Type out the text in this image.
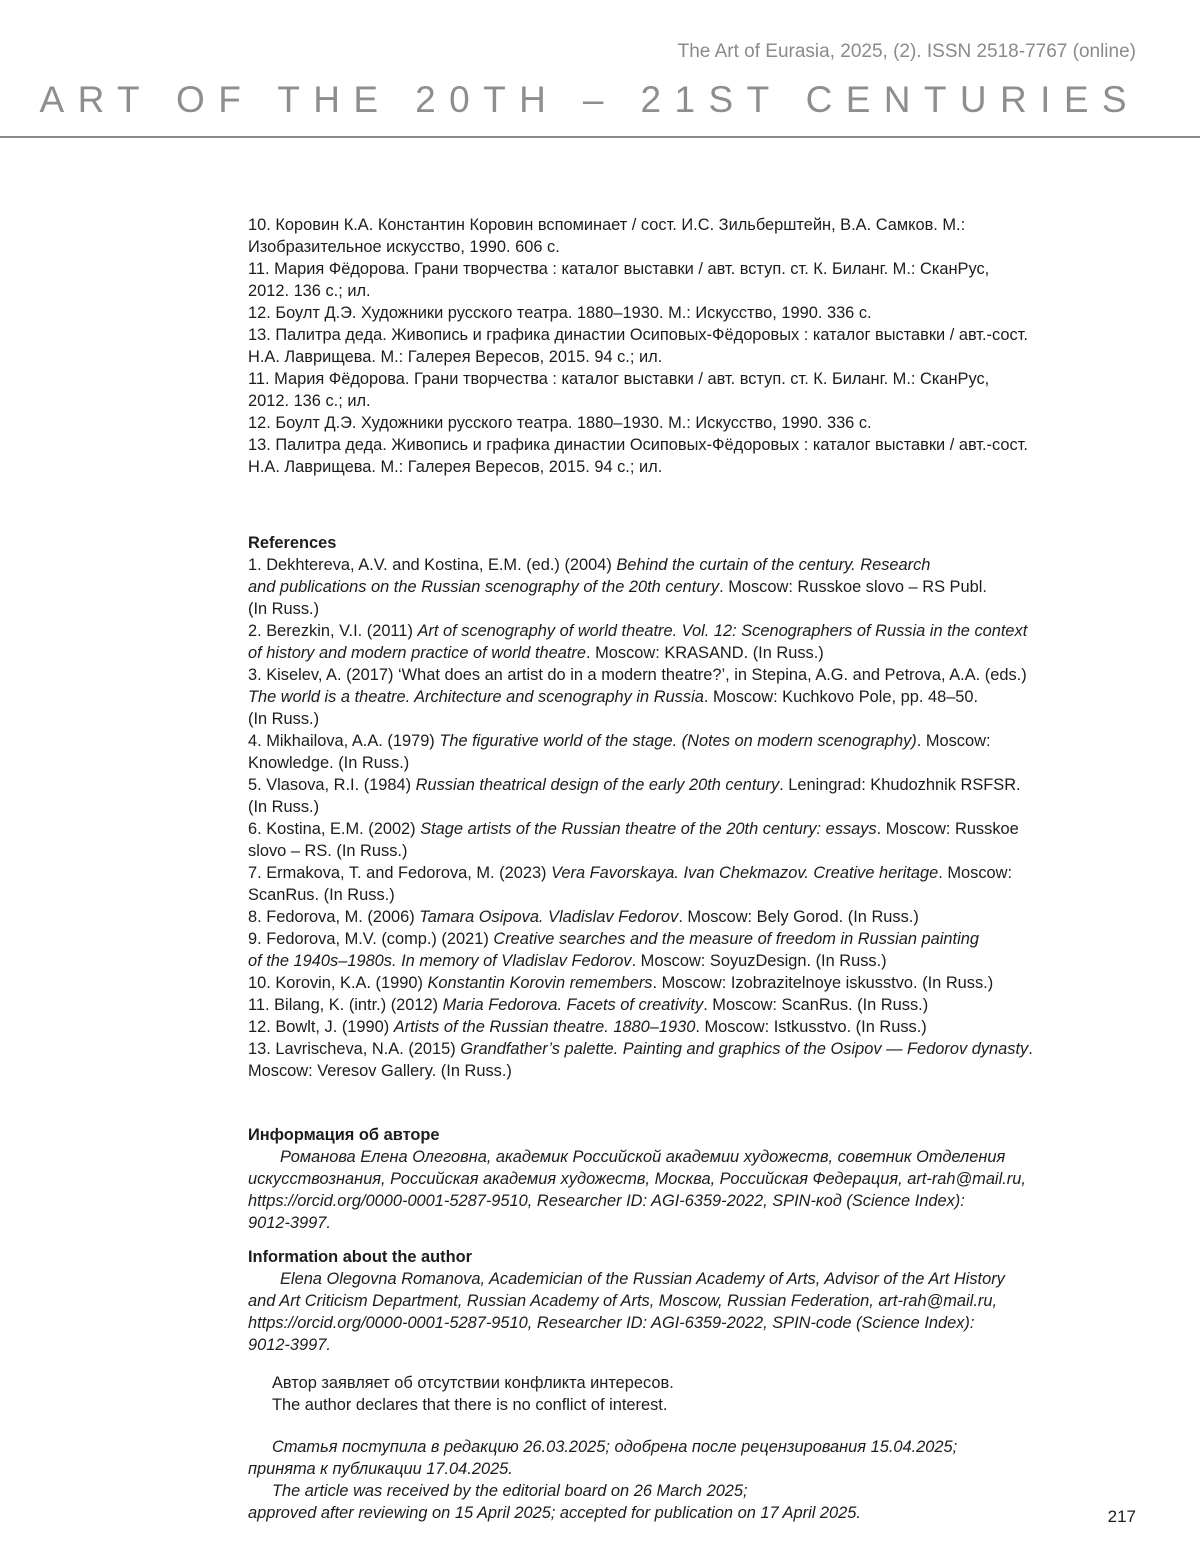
The Art of Eurasia, 2025, (2). ISSN 2518-7767 (online)
ART OF THE 20TH – 21ST CENTURIES

10. Коровин К.А. Константин Коровин вспоминает / сост. И.С. Зильберштейн, В.А. Самков. М.:

Изобразительное искусство, 1990. 606 с.

11. Мария Фёдорова. Грани творчества : каталог выставки / авт. вступ. ст. К. Биланг. М.: СканРус,

2012. 136 с.; ил.

12. Боулт Д.Э. Художники русского театра. 1880–1930. М.: Искусство, 1990. 336 с.

13. Палитра деда. Живопись и графика династии Осиповых-Фёдоровых : каталог выставки / авт.-сост.

Н.А. Лаврищева. М.: Галерея Вересов, 2015. 94 с.; ил.

11. Мария Фёдорова. Грани творчества : каталог выставки / авт. вступ. ст. К. Биланг. М.: СканРус,

2012. 136 с.; ил.

12. Боулт Д.Э. Художники русского театра. 1880–1930. М.: Искусство, 1990. 336 с.

13. Палитра деда. Живопись и графика династии Осиповых-Фёдоровых : каталог выставки / авт.-сост.

Н.А. Лаврищева. М.: Галерея Вересов, 2015. 94 с.; ил.

References

1. Dekhtereva, A.V. and Kostina, E.M. (ed.) (2004) Behind the curtain of the century. Research

and publications on the Russian scenography of the 20th century. Moscow: Russkoe slovo – RS Publ.

(In Russ.)

2. Berezkin, V.I. (2011) Art of scenography of world theatre. Vol. 12: Scenographers of Russia in the context

of history and modern practice of world theatre. Moscow: KRASAND. (In Russ.)

3. Kiselev, A. (2017) ‘What does an artist do in a modern theatre?’, in Stepina, A.G. and Petrova, A.A. (eds.)

The world is a theatre. Architecture and scenography in Russia. Moscow: Kuchkovo Pole, pp. 48–50.

(In Russ.)

4. Mikhailova, A.A. (1979) The figurative world of the stage. (Notes on modern scenography). Moscow:

Knowledge. (In Russ.)

5. Vlasova, R.I. (1984) Russian theatrical design of the early 20th century. Leningrad: Khudozhnik RSFSR.

(In Russ.)

6. Kostina, E.M. (2002) Stage artists of the Russian theatre of the 20th century: essays. Moscow: Russkoe

slovo – RS. (In Russ.)

7. Ermakova, T. and Fedorova, M. (2023) Vera Favorskaya. Ivan Chekmazov. Creative heritage. Moscow:

ScanRus. (In Russ.)

8. Fedorova, M. (2006) Tamara Osipova. Vladislav Fedorov. Moscow: Bely Gorod. (In Russ.)

9. Fedorova, M.V. (comp.) (2021) Creative searches and the measure of freedom in Russian painting

of the 1940s–1980s. In memory of Vladislav Fedorov. Moscow: SoyuzDesign. (In Russ.)

10. Korovin, K.A. (1990) Konstantin Korovin remembers. Moscow: Izobrazitelnoye iskusstvo. (In Russ.)

11. Bilang, K. (intr.) (2012) Maria Fedorova. Facets of creativity. Moscow: ScanRus. (In Russ.)

12. Bowlt, J. (1990) Artists of the Russian theatre. 1880–1930. Moscow: Istkusstvo. (In Russ.)

13. Lavrischeva, N.A. (2015) Grandfather’s palette. Painting and graphics of the Osipov — Fedorov dynasty.

Moscow: Veresov Gallery. (In Russ.)

Информация об авторе

Романова Елена Олеговна, академик Российской академии художеств, советник Отделения

искусствознания, Российская академия художеств, Москва, Российская Федерация, art-rah@mail.ru,

https://orcid.org/0000-0001-5287-9510, Researcher ID: AGI-6359-2022, SPIN-код (Science Index):

9012-3997.

Information about the author

Elena Olegovna Romanova, Academician of the Russian Academy of Arts, Advisor of the Art History

and Art Criticism Department, Russian Academy of Arts, Moscow, Russian Federation, art-rah@mail.ru,

https://orcid.org/0000-0001-5287-9510, Researcher ID: AGI-6359-2022, SPIN-code (Science Index):

9012-3997.

Автор заявляет об отсутствии конфликта интересов.

The author declares that there is no conflict of interest.

Статья поступила в редакцию 26.03.2025; одобрена после рецензирования 15.04.2025;

принята к публикации 17.04.2025.

The article was received by the editorial board on 26 March 2025;

approved after reviewing on 15 April 2025; accepted for publication on 17 April 2025.	217
